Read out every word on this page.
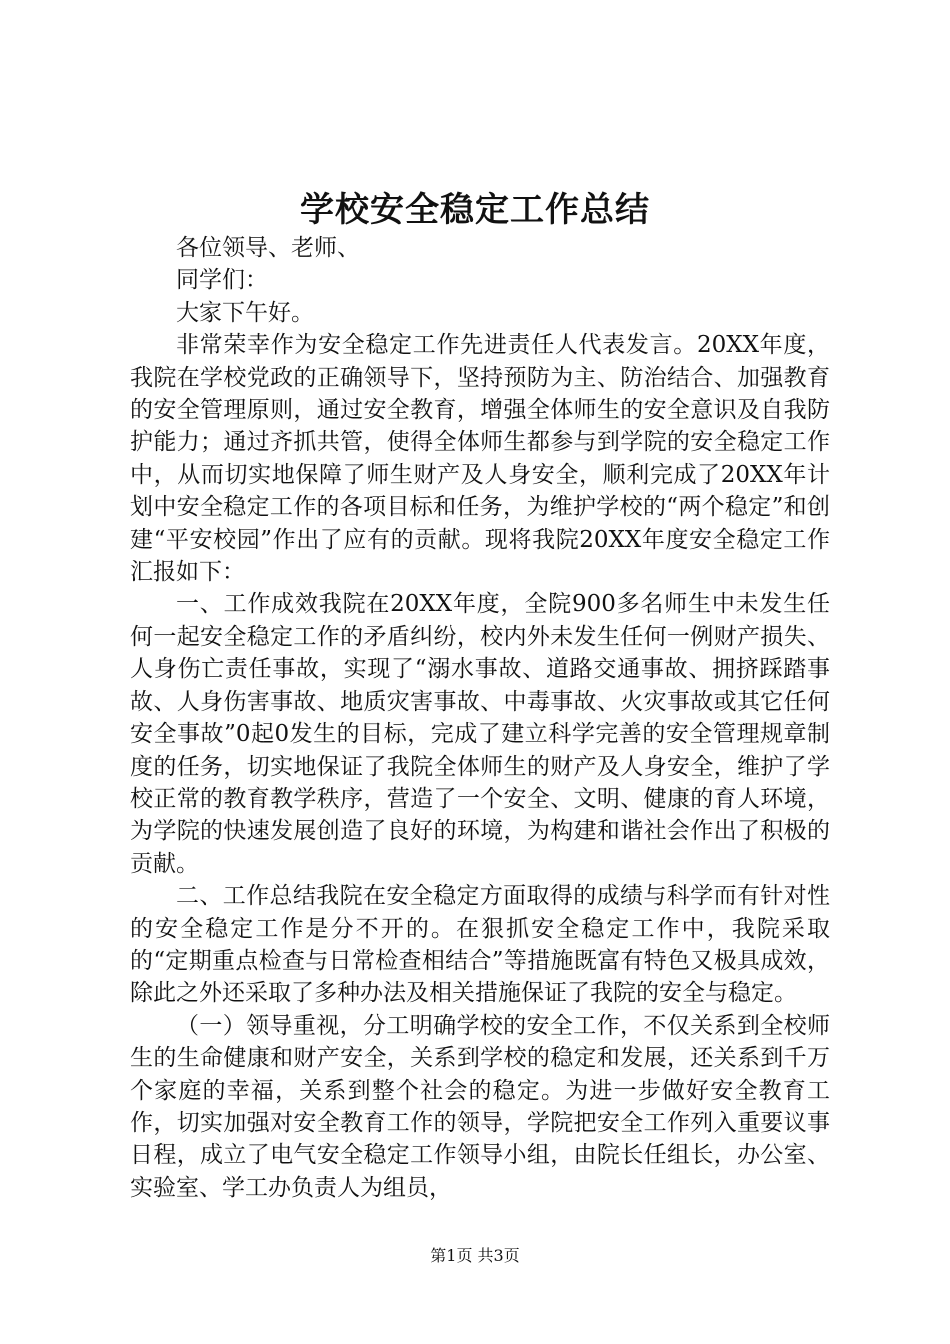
学校安全稳定工作总结

各位领导、老师、

同学们：

大家下午好。

非常荣幸作为安全稳定工作先进责任人代表发言。20XX年度，我院在学校党政的正确领导下，坚持预防为主、防治结合、加强教育的安全管理原则，通过安全教育，增强全体师生的安全意识及自我防护能力；通过齐抓共管，使得全体师生都参与到学院的安全稳定工作中，从而切实地保障了师生财产及人身安全，顺利完成了20XX年计划中安全稳定工作的各项目标和任务，为维护学校的“两个稳定”和创建“平安校园”作出了应有的贡献。现将我院20XX年度安全稳定工作汇报如下：

一、工作成效我院在20XX年度，全院900多名师生中未发生任何一起安全稳定工作的矛盾纠纷，校内外未发生任何一例财产损失、人身伤亡责任事故，实现了“溺水事故、道路交通事故、拥挤踩踏事故、人身伤害事故、地质灾害事故、中毒事故、火灾事故或其它任何安全事故”0起0发生的目标，完成了建立科学完善的安全管理规章制度的任务，切实地保证了我院全体师生的财产及人身安全，维护了学校正常的教育教学秩序，营造了一个安全、文明、健康的育人环境，为学院的快速发展创造了良好的环境，为构建和谐社会作出了积极的贡献。

二、工作总结我院在安全稳定方面取得的成绩与科学而有针对性的安全稳定工作是分不开的。在狠抓安全稳定工作中，我院采取的“定期重点检查与日常检查相结合”等措施既富有特色又极具成效，除此之外还采取了多种办法及相关措施保证了我院的安全与稳定。

（一）领导重视，分工明确学校的安全工作，不仅关系到全校师生的生命健康和财产安全，关系到学校的稳定和发展，还关系到千万个家庭的幸福，关系到整个社会的稳定。为进一步做好安全教育工作，切实加强对安全教育工作的领导，学院把安全工作列入重要议事日程，成立了电气安全稳定工作领导小组，由院长任组长，办公室、实验室、学工办负责人为组员，

第1页 共3页
